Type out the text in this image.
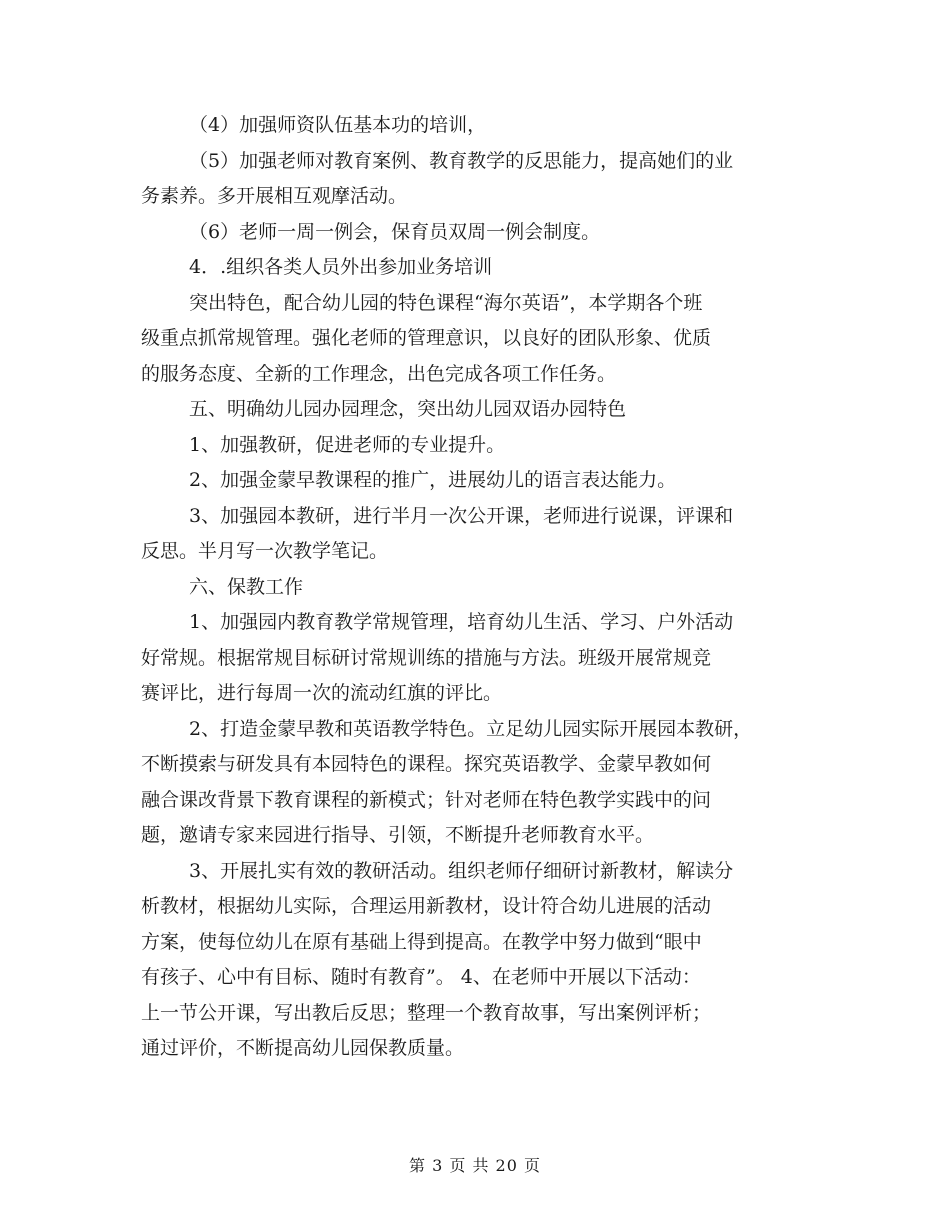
（4）加强师资队伍基本功的培训，

（5）加强老师对教育案例、教育教学的反思能力，提高她们的业
务素养。多开展相互观摩活动。

（6）老师一周一例会，保育员双周一例会制度。

4．.组织各类人员外出参加业务培训

突出特色，配合幼儿园的特色课程“海尔英语”，本学期各个班
级重点抓常规管理。强化老师的管理意识，以良好的团队形象、优质
的服务态度、全新的工作理念，出色完成各项工作任务。

五、明确幼儿园办园理念，突出幼儿园双语办园特色

1、加强教研，促进老师的专业提升。

2、加强金蒙早教课程的推广，进展幼儿的语言表达能力。

3、加强园本教研，进行半月一次公开课，老师进行说课，评课和
反思。半月写一次教学笔记。

六、保教工作

1、加强园内教育教学常规管理，培育幼儿生活、学习、户外活动
好常规。根据常规目标研讨常规训练的措施与方法。班级开展常规竞
赛评比，进行每周一次的流动红旗的评比。

2、打造金蒙早教和英语教学特色。立足幼儿园实际开展园本教研，
不断摸索与研发具有本园特色的课程。探究英语教学、金蒙早教如何
融合课改背景下教育课程的新模式；针对老师在特色教学实践中的问
题，邀请专家来园进行指导、引领，不断提升老师教育水平。

3、开展扎实有效的教研活动。组织老师仔细研讨新教材，解读分
析教材，根据幼儿实际，合理运用新教材，设计符合幼儿进展的活动
方案，使每位幼儿在原有基础上得到提高。在教学中努力做到“眼中
有孩子、心中有目标、随时有教育”。 4、在老师中开展以下活动：
上一节公开课，写出教后反思；整理一个教育故事，写出案例评析；
通过评价，不断提高幼儿园保教质量。

第 3 页 共 20 页
